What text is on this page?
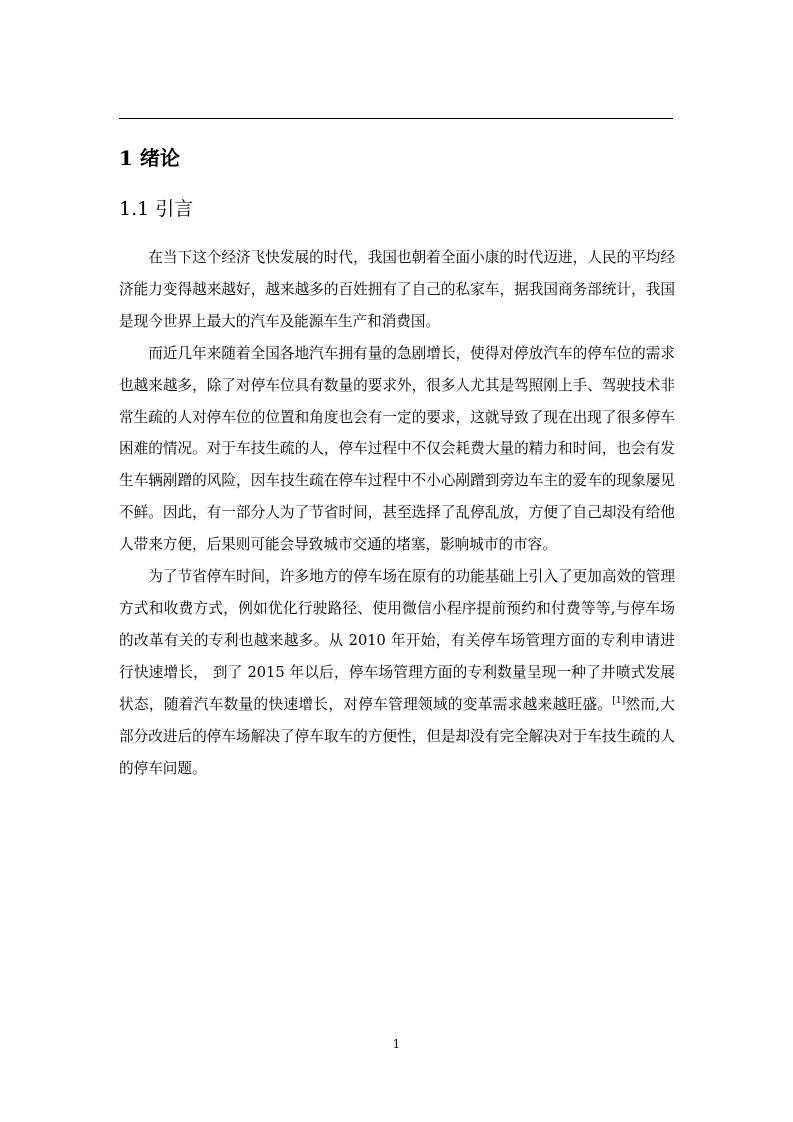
1 绪论
1.1 引言

在当下这个经济飞快发展的时代，我国也朝着全面小康的时代迈进，人民的平均经济能力变得越来越好，越来越多的百姓拥有了自己的私家车，据我国商务部统计，我国是现今世界上最大的汽车及能源车生产和消费国。

而近几年来随着全国各地汽车拥有量的急剧增长，使得对停放汽车的停车位的需求也越来越多，除了对停车位具有数量的要求外，很多人尤其是驾照刚上手、驾驶技术非常生疏的人对停车位的位置和角度也会有一定的要求，这就导致了现在出现了很多停车困难的情况。对于车技生疏的人，停车过程中不仅会耗费大量的精力和时间，也会有发生车辆剐蹭的风险，因车技生疏在停车过程中不小心剐蹭到旁边车主的爱车的现象屡见不鲜。因此，有一部分人为了节省时间，甚至选择了乱停乱放，方便了自己却没有给他人带来方便，后果则可能会导致城市交通的堵塞，影响城市的市容。

为了节省停车时间，许多地方的停车场在原有的功能基础上引入了更加高效的管理方式和收费方式，例如优化行驶路径、使用微信小程序提前预约和付费等等,与停车场的改革有关的专利也越来越多。从 2010 年开始，有关停车场管理方面的专利申请进行快速增长， 到了 2015 年以后，停车场管理方面的专利数量呈现一种了井喷式发展状态，随着汽车数量的快速增长，对停车管理领域的变革需求越来越旺盛。[1]然而,大部分改进后的停车场解决了停车取车的方便性，但是却没有完全解决对于车技生疏的人的停车问题。

1
